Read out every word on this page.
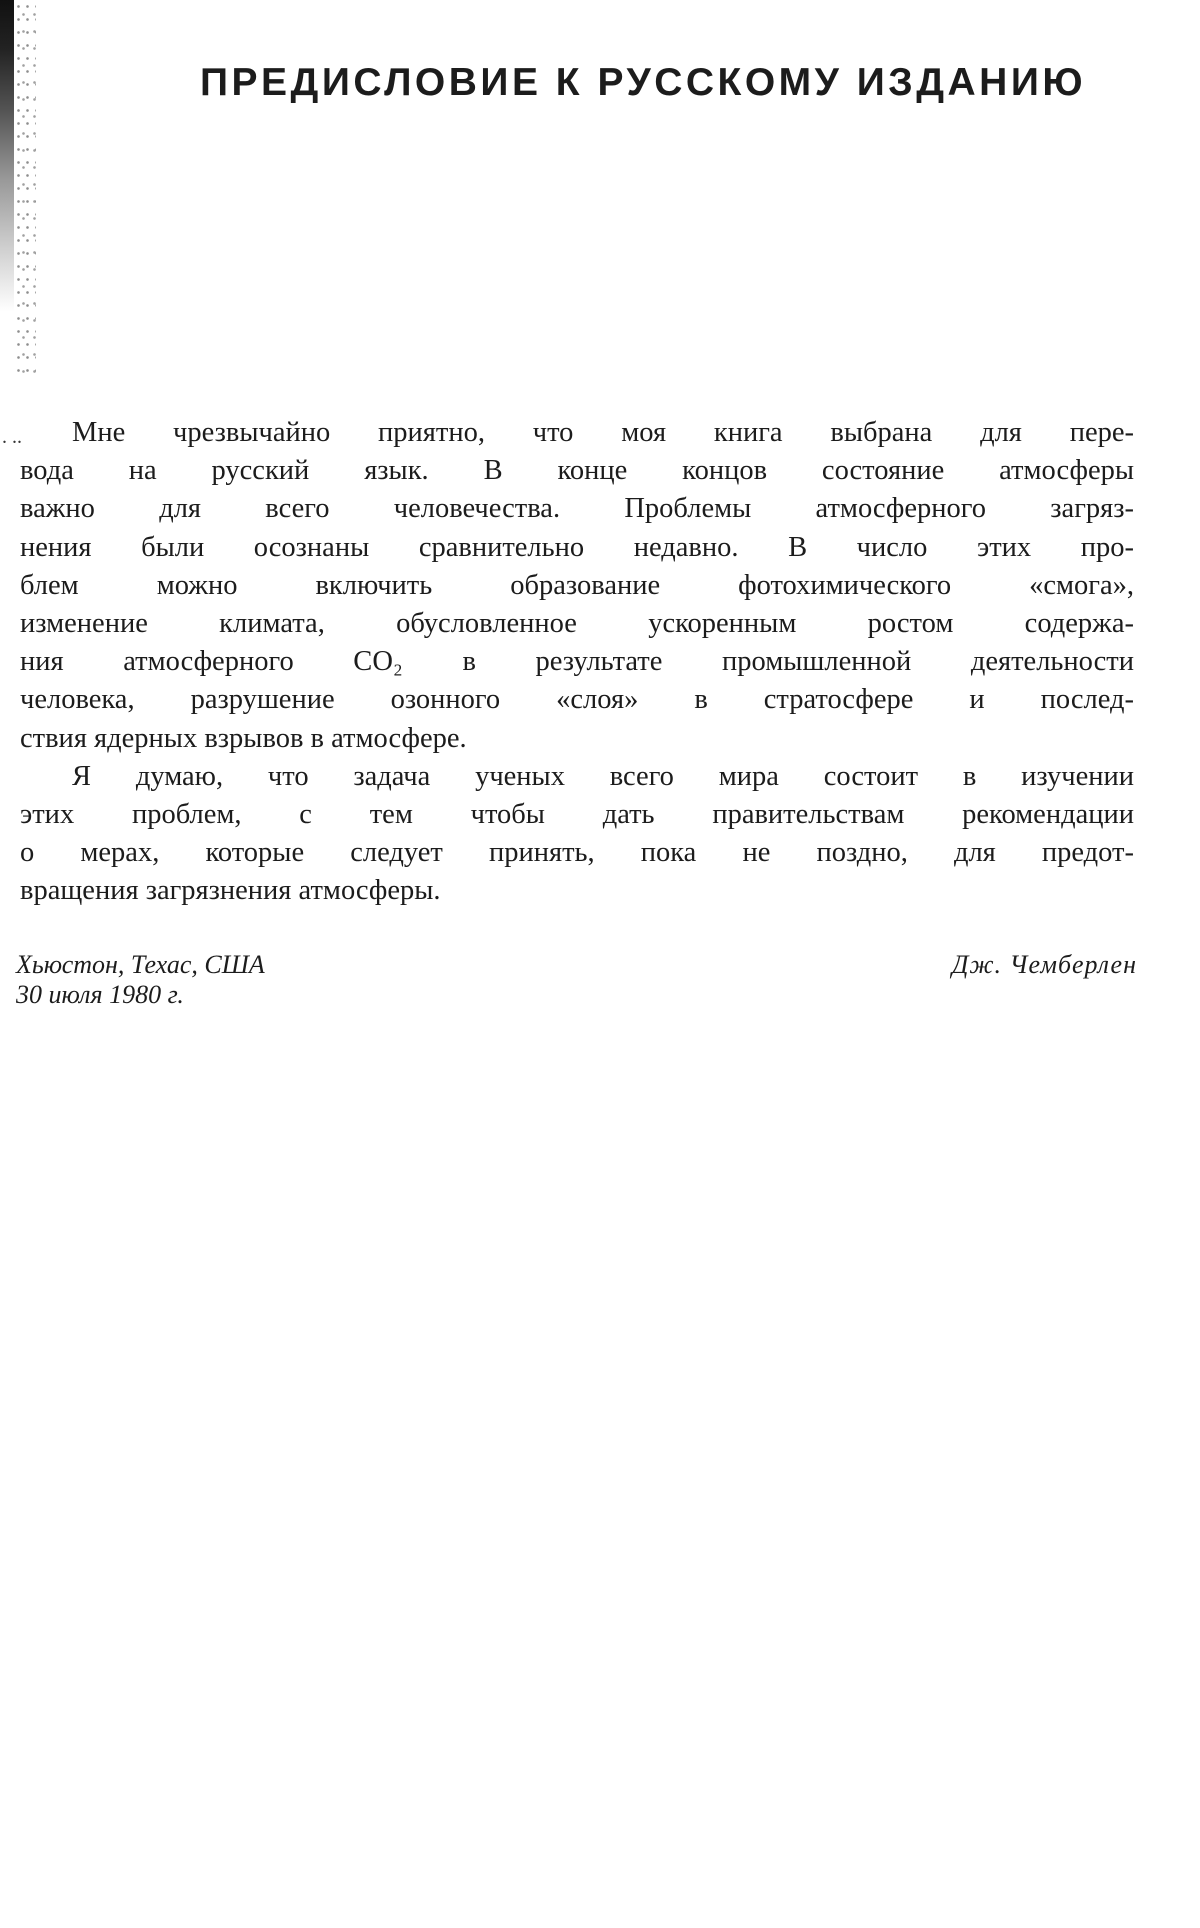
ПРЕДИСЛОВИЕ К РУССКОМУ ИЗДАНИЮ
. ..	Мне чрезвычайно приятно, что моя книга выбрана для пере-
вода на русский язык. В конце концов состояние атмосферы
важно для всего человечества. Проблемы атмосферного загряз-
нения были осознаны сравнительно недавно. В число этих про-
блем можно включить образование фотохимического «смога»,
изменение климата, обусловленное ускоренным ростом содержа-
ния атмосферного CO₂ в результате промышленной деятельности
человека, разрушение озонного «слоя» в стратосфере и послед-
ствия ядерных взрывов в атмосфере.
Я думаю, что задача ученых всего мира состоит в изучении
этих проблем, с тем чтобы дать правительствам рекомендации
о мерах, которые следует принять, пока не поздно, для предот-
вращения загрязнения атмосферы.
Хьюстон, Техас, США
30 июля 1980 г.
Дж. Чемберлен
